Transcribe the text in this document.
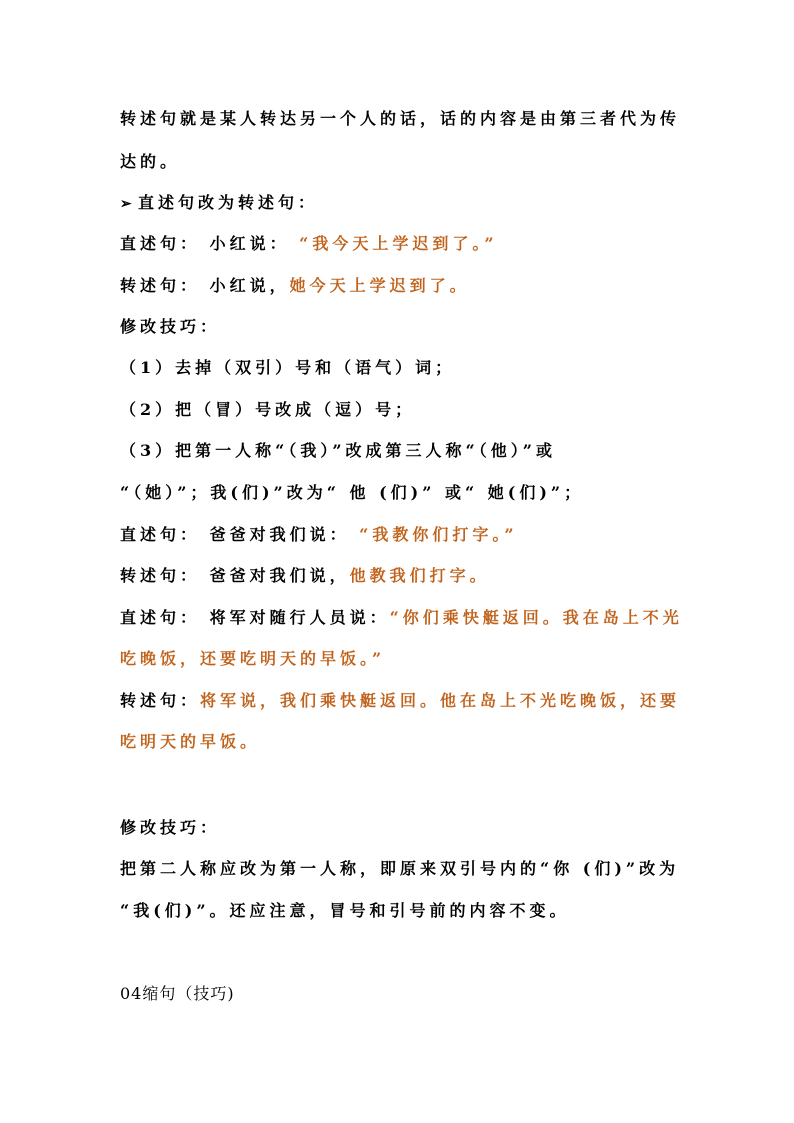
转述句就是某人转达另一个人的话，话的内容是由第三者代为传
达的。
➢ 直述句改为转述句：
直述句： 小红说： “我今天上学迟到了。”
转述句： 小红说，她今天上学迟到了。
修改技巧：
（1）去掉（双引）号和（语气）词；
（2）把（冒）号改成（逗）号；
（3）把第一人称“（我）”改成第三人称“（他）”或
“（她）”；我(们)”改为“ 他 (们)” 或“ 她(们)”；
直述句： 爸爸对我们说： “我教你们打字。”
转述句： 爸爸对我们说，他教我们打字。
直述句： 将军对随行人员说：“你们乘快艇返回。我在岛上不光
吃晚饭，还要吃明天的早饭。”
转述句：将军说，我们乘快艇返回。他在岛上不光吃晚饭，还要
吃明天的早饭。
修改技巧：
把第二人称应改为第一人称，即原来双引号内的“你 (们)”改为
“我(们)”。还应注意，冒号和引号前的内容不变。
04缩句（技巧)
